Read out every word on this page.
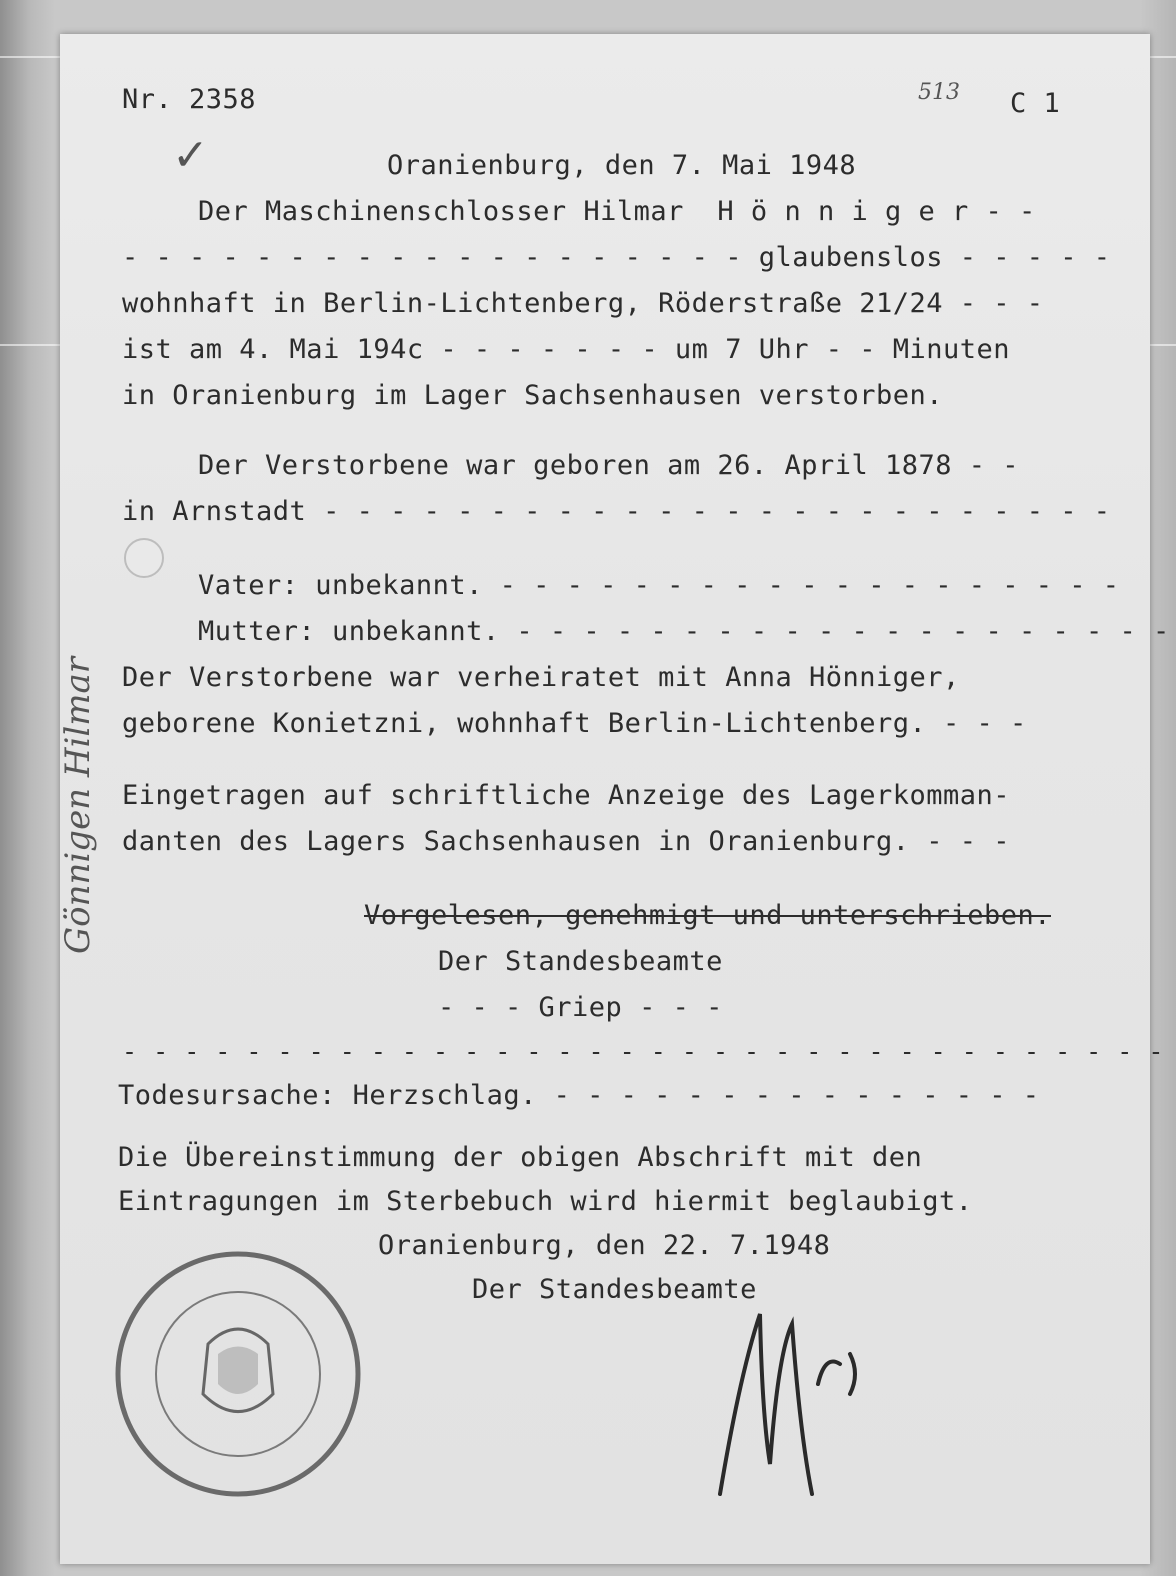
Nr. 2358	513 C 1
✓	Oranienburg, den 7. Mai 1948
Der Maschinenschlosser Hilmar  H ö n n i g e r - -
- - - - - - - - - - - - - - - - - - - glaubenslos - - - - -
wohnhaft in Berlin-Lichtenberg, Röderstraße 21/24 - - -
ist am 4. Mai 194c - - - - - - - um 7 Uhr - - Minuten
in Oranienburg im Lager Sachsenhausen verstorben.
Der Verstorbene war geboren am 26. April 1878 - -
in Arnstadt - - - - - - - - - - - - - - - - - - - - - - - -
Vater: unbekannt. - - - - - - - - - - - - - - - - - - -
Mutter: unbekannt. - - - - - - - - - - - - - - - - - - - -
Der Verstorbene war verheiratet mit Anna Hönniger,
geborene Konietzni, wohnhaft Berlin-Lichtenberg. - - -
Eingetragen auf schriftliche Anzeige des Lagerkomman-
danten des Lagers Sachsenhausen in Oranienburg. - - -
Vorgelesen, genehmigt und unterschrieben.
Der Standesbeamte
- - - Griep - - -
- - - - - - - - - - - - - - - - - - - - - - - - - - - - - - - - - -
Todesursache: Herzschlag. - - - - - - - - - - - - - - -
Die Übereinstimmung der obigen Abschrift mit den
Eintragungen im Sterbebuch wird hiermit beglaubigt.
Oranienburg, den 22. 7.1948
Der Standesbeamte
Gönnigen Hilmar
